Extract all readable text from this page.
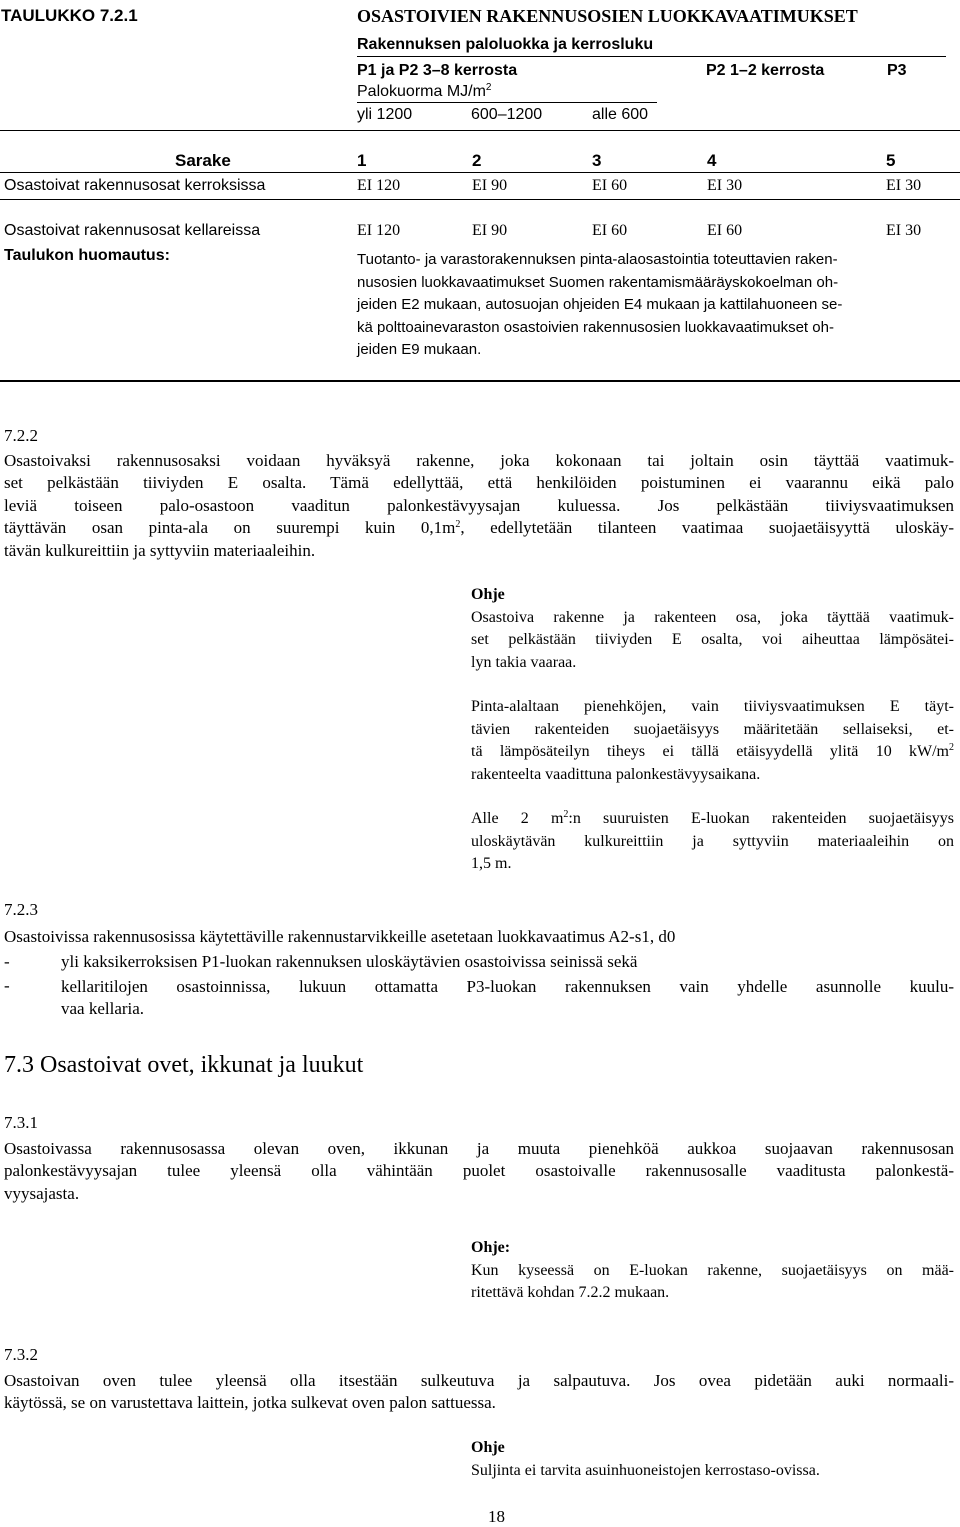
TAULUKKO 7.2.1	OSASTOIVIEN RAKENNUSOSIEN LUOKKAVAATIMUKSET
Rakennuksen paloluokka ja kerrosluku
P1 ja P2 3–8 kerrosta	P2 1–2 kerrosta	P3
Palokuorma $MJ/m^2$
yli 1200	600–1200	alle 600
Sarake	1	2	3	4	5
Osastoivat rakennusosat kerroksissa	EI 120	EI 90	EI 60	EI 30	EI 30
Osastoivat rakennusosat kellareissa	EI 120	EI 90	EI 60	EI 60	EI 30
Taulukon huomautus:	Tuotanto- ja varastorakennuksen pinta-alaosastointia toteuttavien raken-
nusosien luokkavaatimukset Suomen rakentamismääräyskokoelman oh-
jeiden E2 mukaan, autosuojan ohjeiden E4 mukaan ja kattilahuoneen se-
kä polttoainevaraston osastoivien rakennusosien luokkavaatimukset oh-
jeiden E9 mukaan.
7.2.2
Osastoivaksi rakennusosaksi voidaan hyväksyä rakenne, joka kokonaan tai joltain osin täyttää vaatimuk-
set pelkästään tiiviyden E osalta. Tämä edellyttää, että henkilöiden poistuminen ei vaarannu eikä palo
leviä toiseen palo-osastoon vaaditun palonkestävyysajan kuluessa. Jos pelkästään tiiviysvaatimuksen
täyttävän osan pinta-ala on suurempi kuin $0,1m^2$, edellytetään tilanteen vaatimaa suojaetäisyyttä uloskäy-
tävän kulkureittiin ja syttyviin materiaaleihin.
Ohje
Osastoiva rakenne ja rakenteen osa, joka täyttää vaatimuk-
set pelkästään tiiviyden E osalta, voi aiheuttaa lämpösätei-
lyn takia vaaraa.
Pinta-alaltaan pienehköjen, vain tiiviysvaatimuksen E täyt-
tävien rakenteiden suojaetäisyys määritetään sellaiseksi, et-
tä lämpösäteilyn tiheys ei tällä etäisyydellä ylitä 10 $kW/m^2$
rakenteelta vaadittuna palonkestävyysaikana.
Alle 2 $m^2:n$ suuruisten E-luokan rakenteiden suojaetäisyys
uloskäytävän kulkureittiin ja syttyviin materiaaleihin on
1,5 m.
7.2.3
Osastoivissa rakennusosissa käytettäville rakennustarvikkeille asetetaan luokkavaatimus A2-s1, d0
-	yli kaksikerroksisen P1-luokan rakennuksen uloskäytävien osastoivissa seinissä sekä
-	kellaritilojen osastoinnissa, lukuun ottamatta P3-luokan rakennuksen vain yhdelle asunnolle kuulu-
vaa kellaria.
7.3 Osastoivat ovet, ikkunat ja luukut
7.3.1
Osastoivassa rakennusosassa olevan oven, ikkunan ja muuta pienehköä aukkoa suojaavan rakennusosan
palonkestävyysajan tulee yleensä olla vähintään puolet osastoivalle rakennusosalle vaaditusta palonkestä-
vyysajasta.
Ohje:
Kun kyseessä on E-luokan rakenne, suojaetäisyys on mää-
ritettävä kohdan 7.2.2 mukaan.
7.3.2
Osastoivan oven tulee yleensä olla itsestään sulkeutuva ja salpautuva. Jos ovea pidetään auki normaali-
käytössä, se on varustettava laittein, jotka sulkevat oven palon sattuessa.
Ohje
Suljinta ei tarvita asuinhuoneistojen kerrostaso-ovissa.
18
